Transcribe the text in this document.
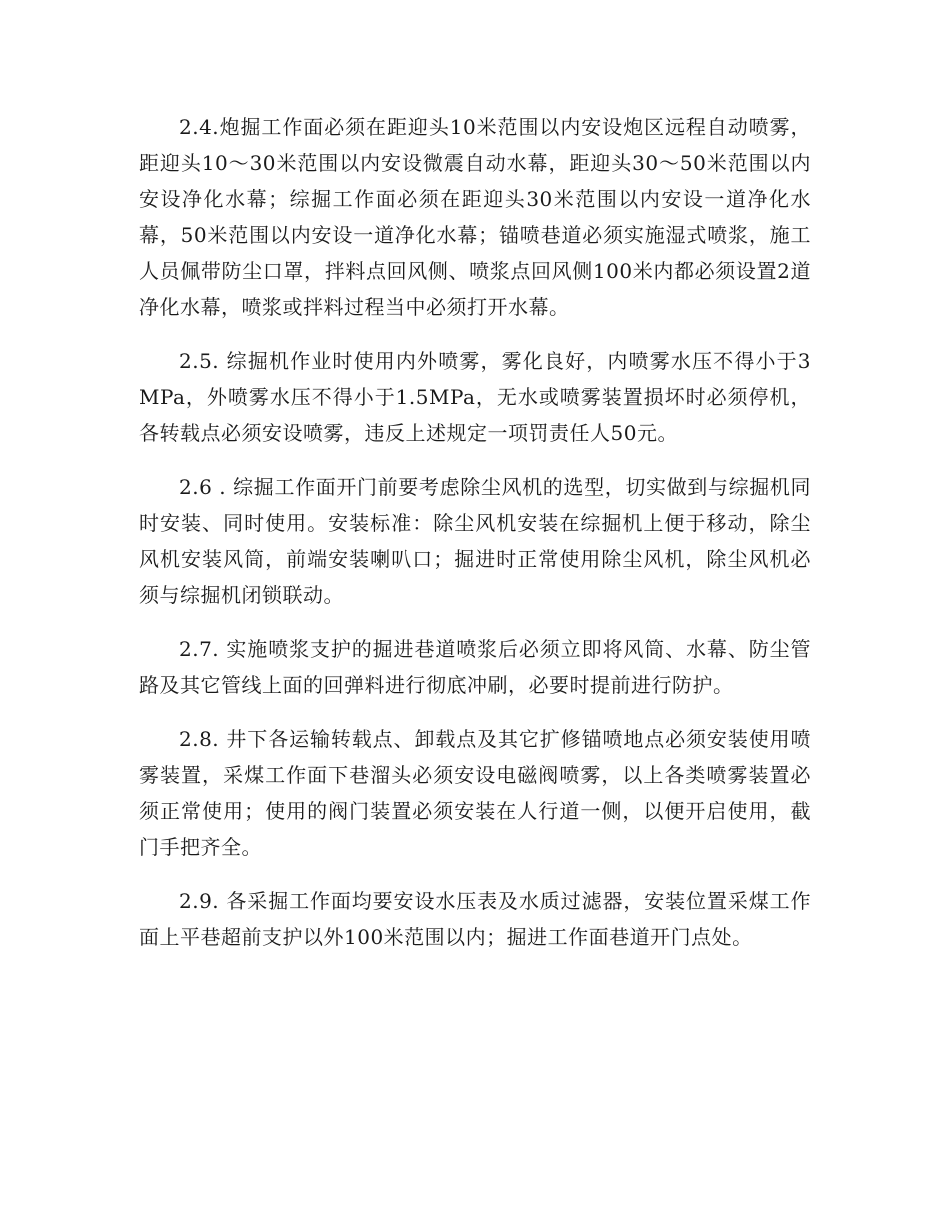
2.4.炮掘工作面必须在距迎头10米范围以内安设炮区远程自动喷雾，距迎头10～30米范围以内安设微震自动水幕，距迎头30～50米范围以内安设净化水幕；综掘工作面必须在距迎头30米范围以内安设一道净化水幕，50米范围以内安设一道净化水幕；锚喷巷道必须实施湿式喷浆，施工人员佩带防尘口罩，拌料点回风侧、喷浆点回风侧100米内都必须设置2道净化水幕，喷浆或拌料过程当中必须打开水幕。

2.5. 综掘机作业时使用内外喷雾，雾化良好，内喷雾水压不得小于3MPa，外喷雾水压不得小于1.5MPa，无水或喷雾装置损坏时必须停机，各转载点必须安设喷雾，违反上述规定一项罚责任人50元。

2.6 . 综掘工作面开门前要考虑除尘风机的选型，切实做到与综掘机同时安装、同时使用。安装标准：除尘风机安装在综掘机上便于移动，除尘风机安装风筒，前端安装喇叭口；掘进时正常使用除尘风机，除尘风机必须与综掘机闭锁联动。

2.7. 实施喷浆支护的掘进巷道喷浆后必须立即将风筒、水幕、防尘管路及其它管线上面的回弹料进行彻底冲刷，必要时提前进行防护。

2.8. 井下各运输转载点、卸载点及其它扩修锚喷地点必须安装使用喷雾装置，采煤工作面下巷溜头必须安设电磁阀喷雾，以上各类喷雾装置必须正常使用；使用的阀门装置必须安装在人行道一侧，以便开启使用，截门手把齐全。

2.9. 各采掘工作面均要安设水压表及水质过滤器，安装位置采煤工作面上平巷超前支护以外100米范围以内；掘进工作面巷道开门点处。
